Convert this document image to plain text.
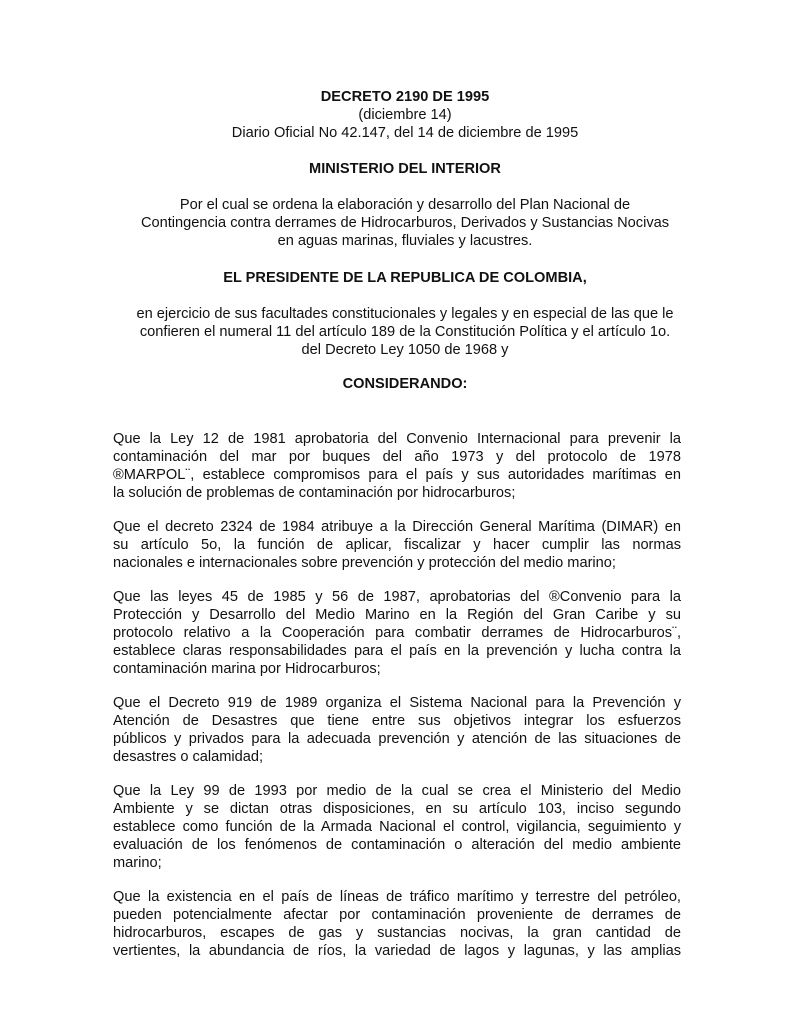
DECRETO 2190 DE 1995
(diciembre 14)
Diario Oficial No 42.147, del 14 de diciembre de 1995
MINISTERIO DEL INTERIOR
Por el cual se ordena la elaboración y desarrollo del Plan Nacional de
Contingencia contra derrames de Hidrocarburos, Derivados y Sustancias Nocivas
en aguas marinas, fluviales y lacustres.
EL PRESIDENTE DE LA REPUBLICA DE COLOMBIA,
en ejercicio de sus facultades constitucionales y legales y en especial de las que le
confieren el numeral 11 del artículo 189 de la Constitución Política y el artículo 1o.
del Decreto Ley 1050 de 1968 y
CONSIDERANDO:
Que la Ley 12 de 1981 aprobatoria del Convenio Internacional para prevenir la
contaminación del mar por buques del año 1973 y del protocolo de 1978
®MARPOL¨, establece compromisos para el país y sus autoridades marítimas en
la solución de problemas de contaminación por hidrocarburos;
Que el decreto 2324 de 1984 atribuye a la Dirección General Marítima (DIMAR) en
su artículo 5o, la función de aplicar, fiscalizar y hacer cumplir las normas
nacionales e internacionales sobre prevención y protección del medio marino;
Que las leyes 45 de 1985 y 56 de 1987, aprobatorias del ®Convenio para la
Protección y Desarrollo del Medio Marino en la Región del Gran Caribe y su
protocolo relativo a la Cooperación para combatir derrames de Hidrocarburos¨,
establece claras responsabilidades para el país en la prevención y lucha contra la
contaminación marina por Hidrocarburos;
Que el Decreto 919 de 1989 organiza el Sistema Nacional para la Prevención y
Atención de Desastres que tiene entre sus objetivos integrar los esfuerzos
públicos y privados para la adecuada prevención y atención de las situaciones de
desastres o calamidad;
Que la Ley 99 de 1993 por medio de la cual se crea el Ministerio del Medio
Ambiente y se dictan otras disposiciones, en su artículo 103, inciso segundo
establece como función de la Armada Nacional el control, vigilancia, seguimiento y
evaluación de los fenómenos de contaminación o alteración del medio ambiente
marino;
Que la existencia en el país de líneas de tráfico marítimo y terrestre del petróleo,
pueden potencialmente afectar por contaminación proveniente de derrames de
hidrocarburos, escapes de gas y sustancias nocivas, la gran cantidad de
vertientes, la abundancia de ríos, la variedad de lagos y lagunas, y las amplias
